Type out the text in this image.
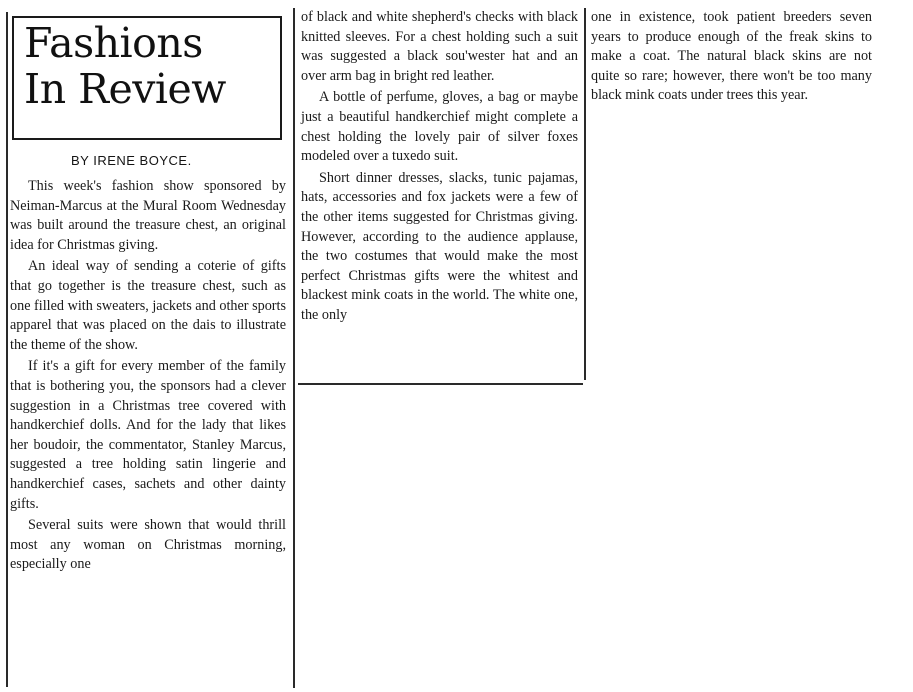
Fashions
In Review
BY IRENE BOYCE.

This week's fashion show sponsored by Neiman-Marcus at the Mural Room Wednesday was built around the treasure chest, an original idea for Christmas giving.

An ideal way of sending a coterie of gifts that go together is the treasure chest, such as one filled with sweaters, jackets and other sports apparel that was placed on the dais to illustrate the theme of the show.

If it's a gift for every member of the family that is bothering you, the sponsors had a clever suggestion in a Christmas tree covered with handkerchief dolls. And for the lady that likes her boudoir, the commentator, Stanley Marcus, suggested a tree holding satin lingerie and handkerchief cases, sachets and other dainty gifts.

Several suits were shown that would thrill most any woman on Christmas morning, especially one

of black and white shepherd's checks with black knitted sleeves. For a chest holding such a suit was suggested a black sou'wester hat and an over arm bag in bright red leather.

A bottle of perfume, gloves, a bag or maybe just a beautiful handkerchief might complete a chest holding the lovely pair of silver foxes modeled over a tuxedo suit.

Short dinner dresses, slacks, tunic pajamas, hats, accessories and fox jackets were a few of the other items suggested for Christmas giving. However, according to the audience applause, the two costumes that would make the most perfect Christmas gifts were the whitest and blackest mink coats in the world. The white one, the only

one in existence, took patient breeders seven years to produce enough of the freak skins to make a coat. The natural black skins are not quite so rare; however, there won't be too many black mink coats under trees this year.
